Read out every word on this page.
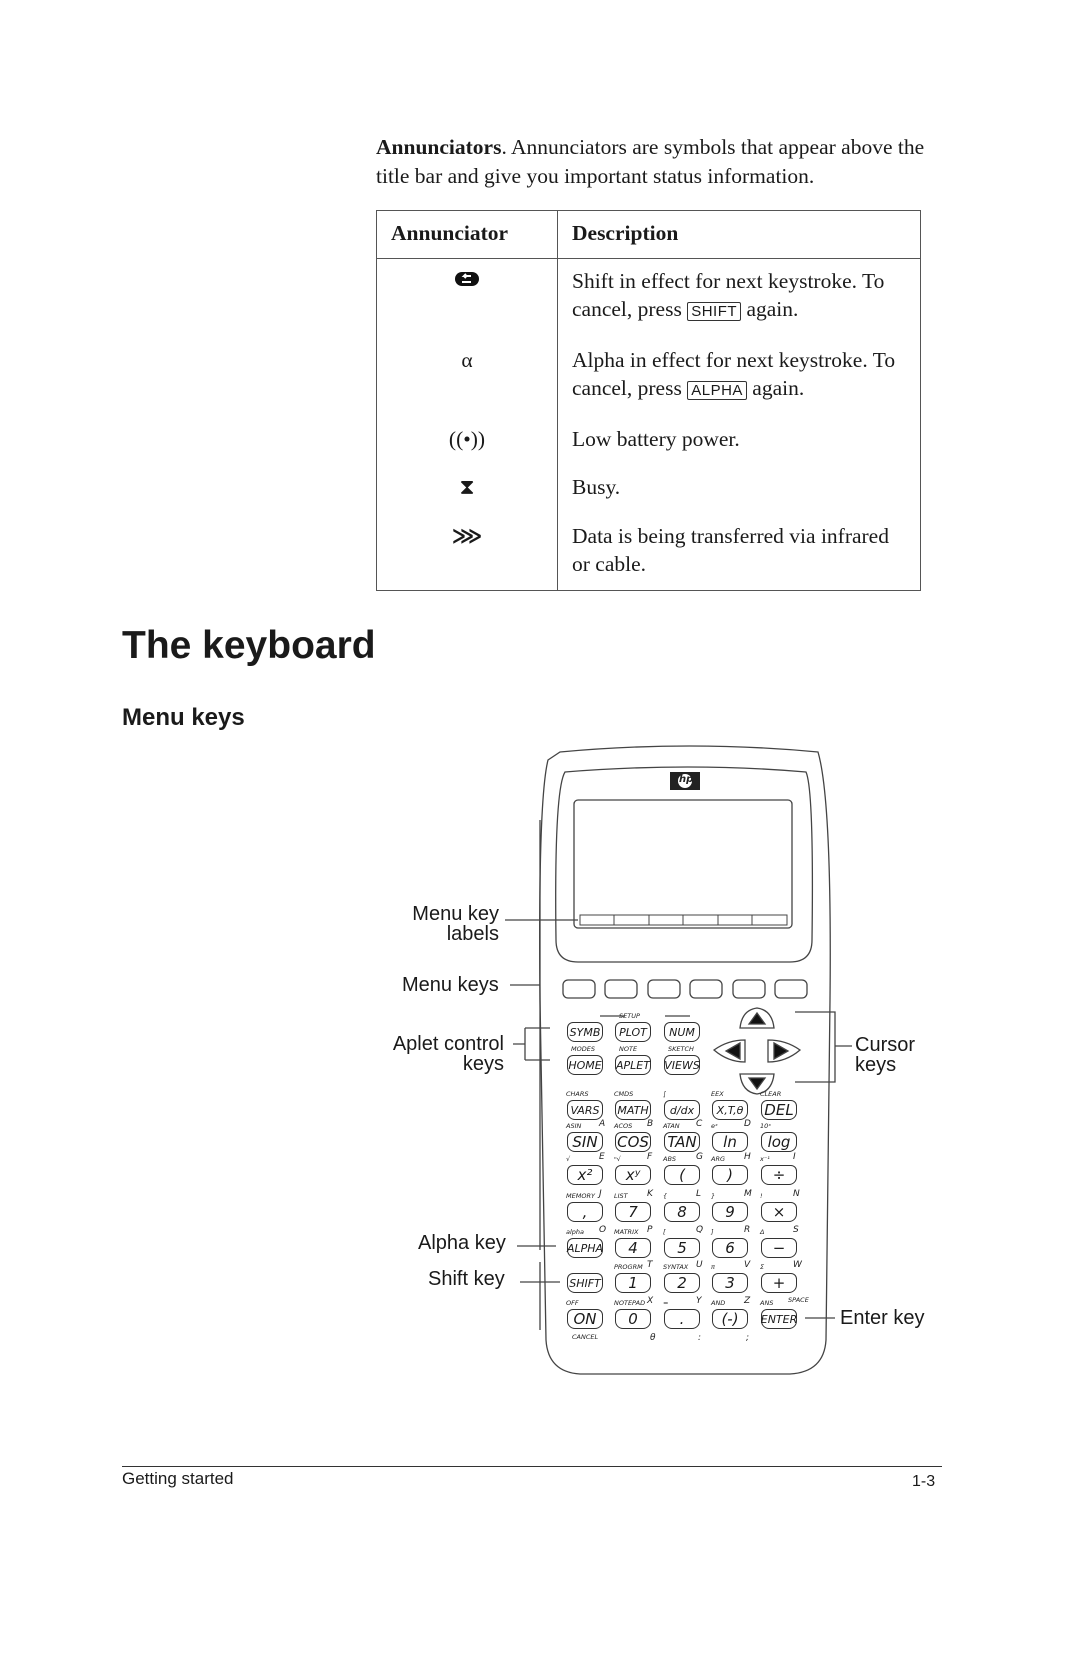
Annunciators. Annunciators are symbols that appear above the title bar and give you important status information.
Annunciator	Description
	Shift in effect for next keystroke. To cancel, press SHIFT again.
α	Alpha in effect for next keystroke. To cancel, press ALPHA again.
((•))	Low battery power.
⧗	Busy.
⋙	Data is being transferred via infrared or cable.
The keyboard
Menu keys
hp
Menu key
labels
Menu keys
Aplet control
keys
Cursor
keys
Alpha key
Shift key
Enter key
SYMB	PLOT
SETUP
NUM
HOME
MODES
APLET
NOTE
VIEWS
SKETCH
VARS
CHARS
MATH
CMDS
d/dx
∫
X,T,θ
EEX
DEL
CLEAR
SIN
ASIN A
COS
ACOS B
TAN
ATAN C
ln
eˣ	D
log
10ˣ
x²
√	E
xʸ
ⁿ√	F
(
ABS G
)
ARG H
÷
x⁻¹	I
,
MEMORY J
7
LIST K
8
{	L
9
}	M
×
!	N
ALPHA
alpha O
4
MATRIX P
5
[	Q
6
]	R
−
Δ	S
SHIFT	1
PROGRM T
2
SYNTAX U
3
π	V
+
Σ	W
ON
OFF
0
NOTEPAD X
.
=	Y
(-)
AND Z
ENTER
ANS SPACE
CANCEL	θ	:	;
Getting started	1-3
